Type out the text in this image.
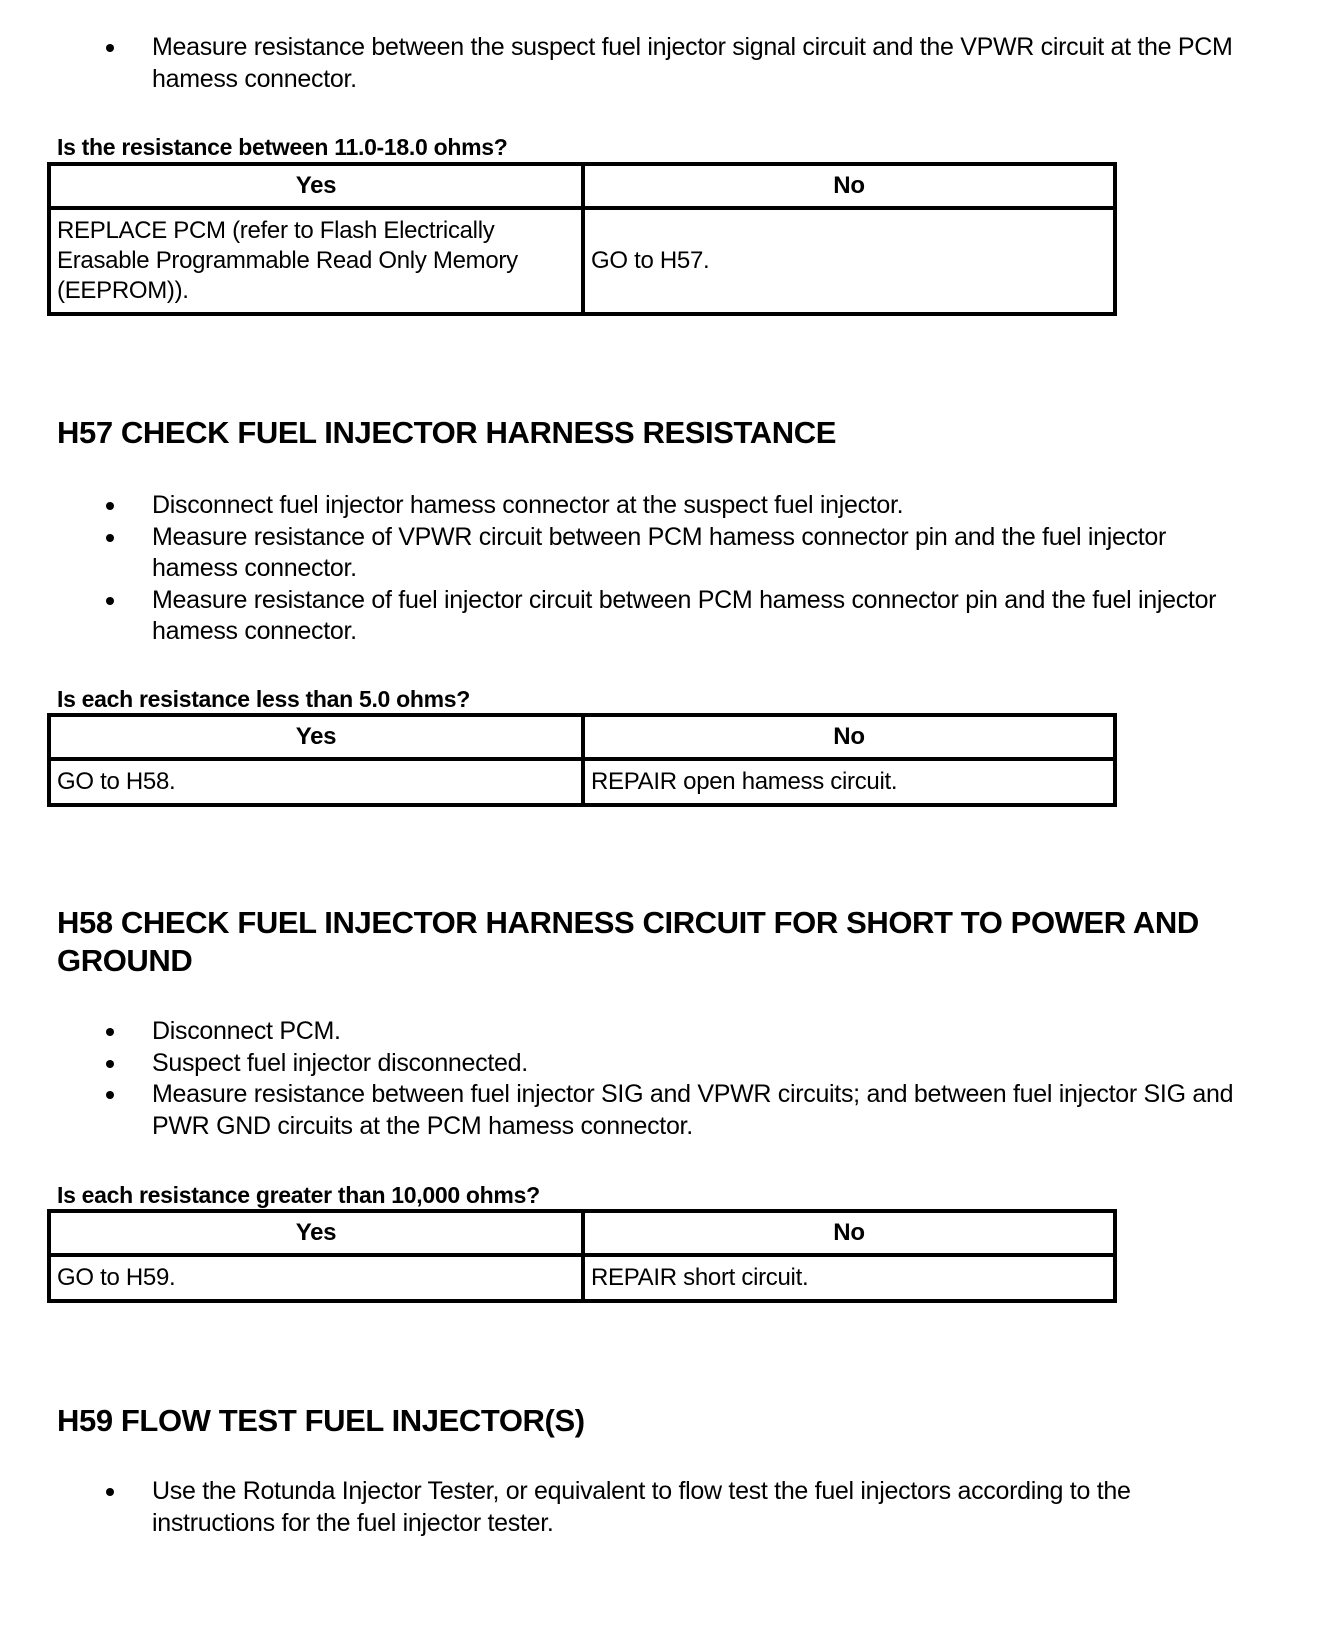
Measure resistance between the suspect fuel injector signal circuit and the VPWR circuit at the PCM hamess connector.

Is the resistance between 11.0-18.0 ohms?

Yes	No
REPLACE PCM (refer to Flash Electrically Erasable Programmable Read Only Memory (EEPROM)).	GO to H57.
H57 CHECK FUEL INJECTOR HARNESS RESISTANCE
Disconnect fuel injector hamess connector at the suspect fuel injector.
Measure resistance of VPWR circuit between PCM hamess connector pin and the fuel injector hamess connector.
Measure resistance of fuel injector circuit between PCM hamess connector pin and the fuel injector hamess connector.

Is each resistance less than 5.0 ohms?

Yes	No
GO to H58.	REPAIR open hamess circuit.
H58 CHECK FUEL INJECTOR HARNESS CIRCUIT FOR SHORT TO POWER AND GROUND
Disconnect PCM.
Suspect fuel injector disconnected.
Measure resistance between fuel injector SIG and VPWR circuits; and between fuel injector SIG and PWR GND circuits at the PCM hamess connector.

Is each resistance greater than 10,000 ohms?

Yes	No
GO to H59.	REPAIR short circuit.
H59 FLOW TEST FUEL INJECTOR(S)
Use the Rotunda Injector Tester, or equivalent to flow test the fuel injectors according to the instructions for the fuel injector tester.
